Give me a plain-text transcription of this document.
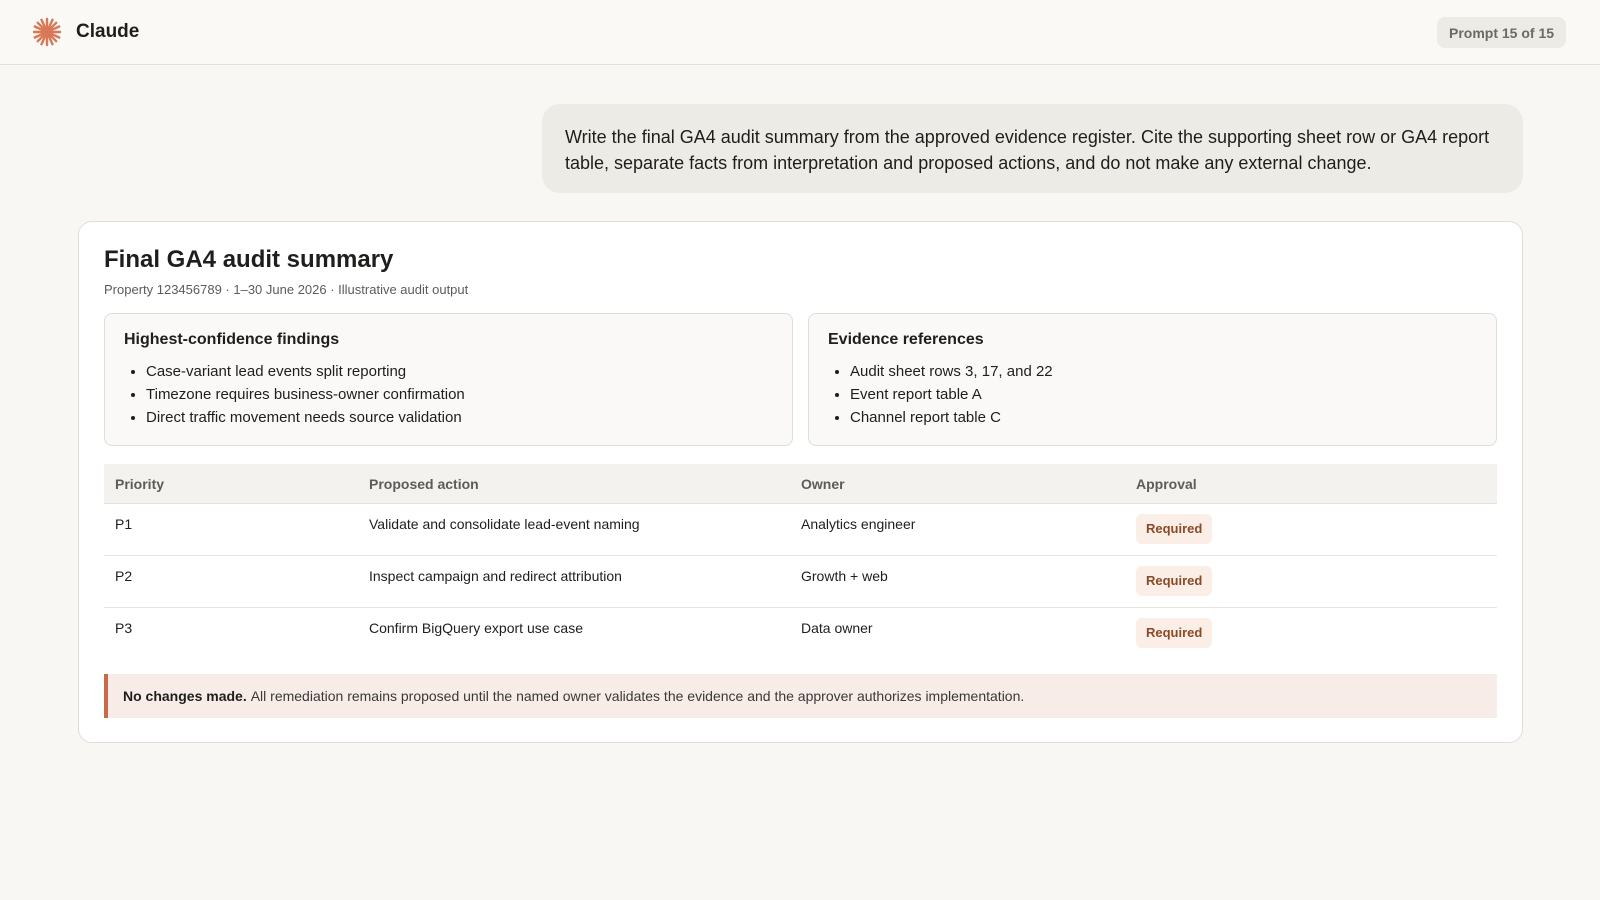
Claude	Prompt 15 of 15
Write the final GA4 audit summary from the approved evidence register. Cite the supporting sheet row or GA4 report table, separate facts from interpretation and proposed actions, and do not make any external change.
Final GA4 audit summary
Property 123456789 · 1–30 June 2026 · Illustrative audit output
Highest-confidence findings
• Case-variant lead events split reporting
• Timezone requires business-owner confirmation
• Direct traffic movement needs source validation
Evidence references
• Audit sheet rows 3, 17, and 22
• Event report table A
• Channel report table C
Priority	Proposed action	Owner	Approval
P1	Validate and consolidate lead-event naming	Analytics engineer	Required
P2	Inspect campaign and redirect attribution	Growth + web	Required
P3	Confirm BigQuery export use case	Data owner	Required
No changes made. All remediation remains proposed until the named owner validates the evidence and the approver authorizes implementation.
